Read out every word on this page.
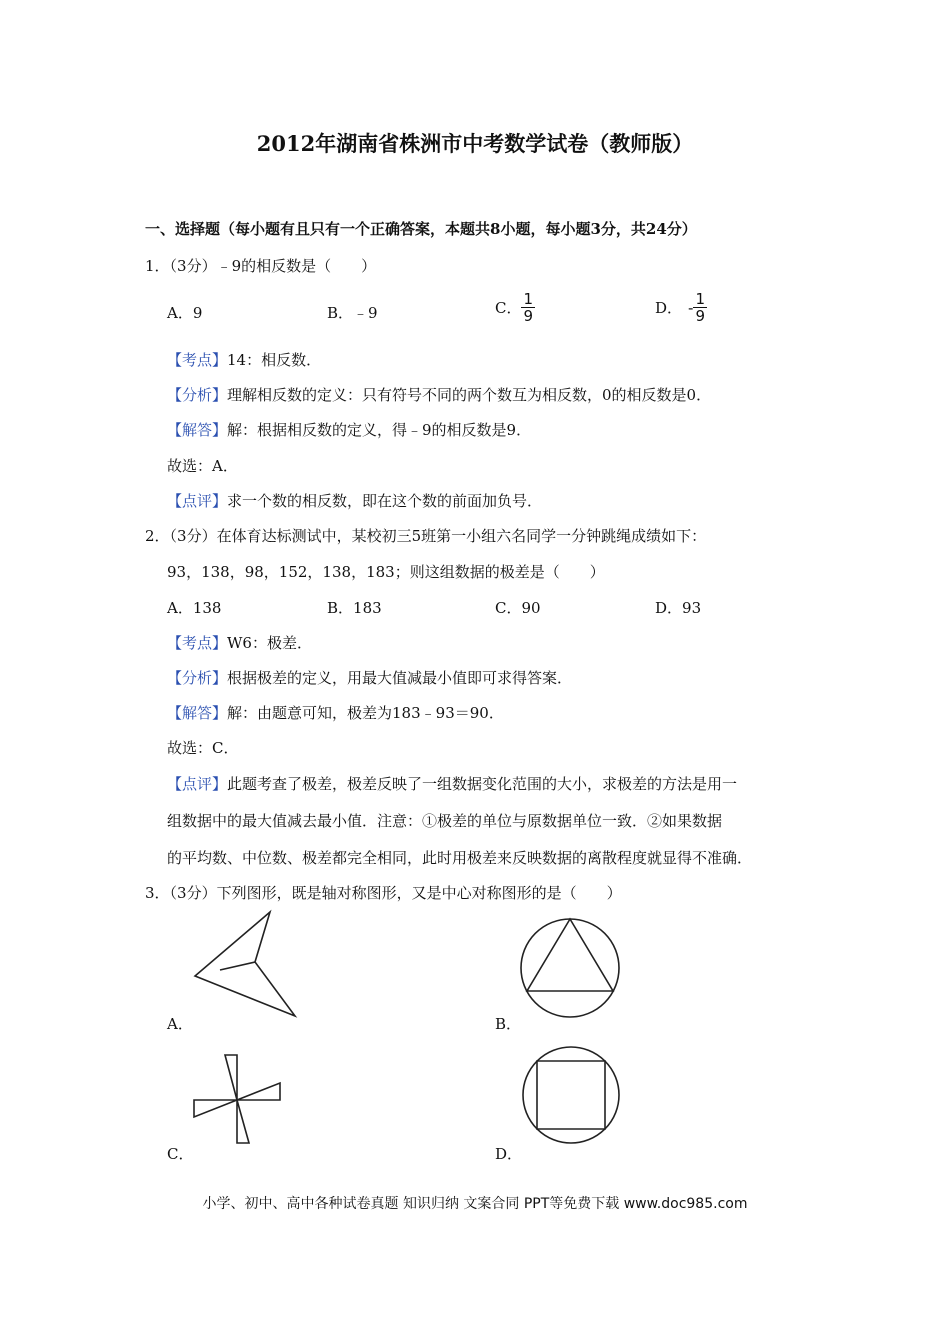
2012年湖南省株洲市中考数学试卷（教师版）
一、选择题（每小题有且只有一个正确答案，本题共8小题，每小题3分，共24分）
1．（3分）﹣9的相反数是（　　）
A．9	B．﹣9	C． $\frac{1}{9}$	D． - $\frac{1}{9}$
【考点】14：相反数．
【分析】理解相反数的定义：只有符号不同的两个数互为相反数，0的相反数是0．
【解答】解：根据相反数的定义，得﹣9的相反数是9．
故选：A．
【点评】求一个数的相反数，即在这个数的前面加负号．
2．（3分）在体育达标测试中，某校初三5班第一小组六名同学一分钟跳绳成绩如下：
93，138，98，152，138，183；则这组数据的极差是（　　）
A．138	B．183	C．90	D．93
【考点】W6：极差．
【分析】根据极差的定义，用最大值减最小值即可求得答案．
【解答】解：由题意可知，极差为183﹣93＝90．
故选：C．
【点评】此题考查了极差，极差反映了一组数据变化范围的大小，求极差的方法是用一
组数据中的最大值减去最小值．注意：①极差的单位与原数据单位一致．②如果数据
的平均数、中位数、极差都完全相同，此时用极差来反映数据的离散程度就显得不准确．
3．（3分）下列图形，既是轴对称图形，又是中心对称图形的是（　　）
A．	B．
C．	D．
小学、初中、高中各种试卷真题 知识归纳 文案合同 PPT等免费下载 www.doc985.com
